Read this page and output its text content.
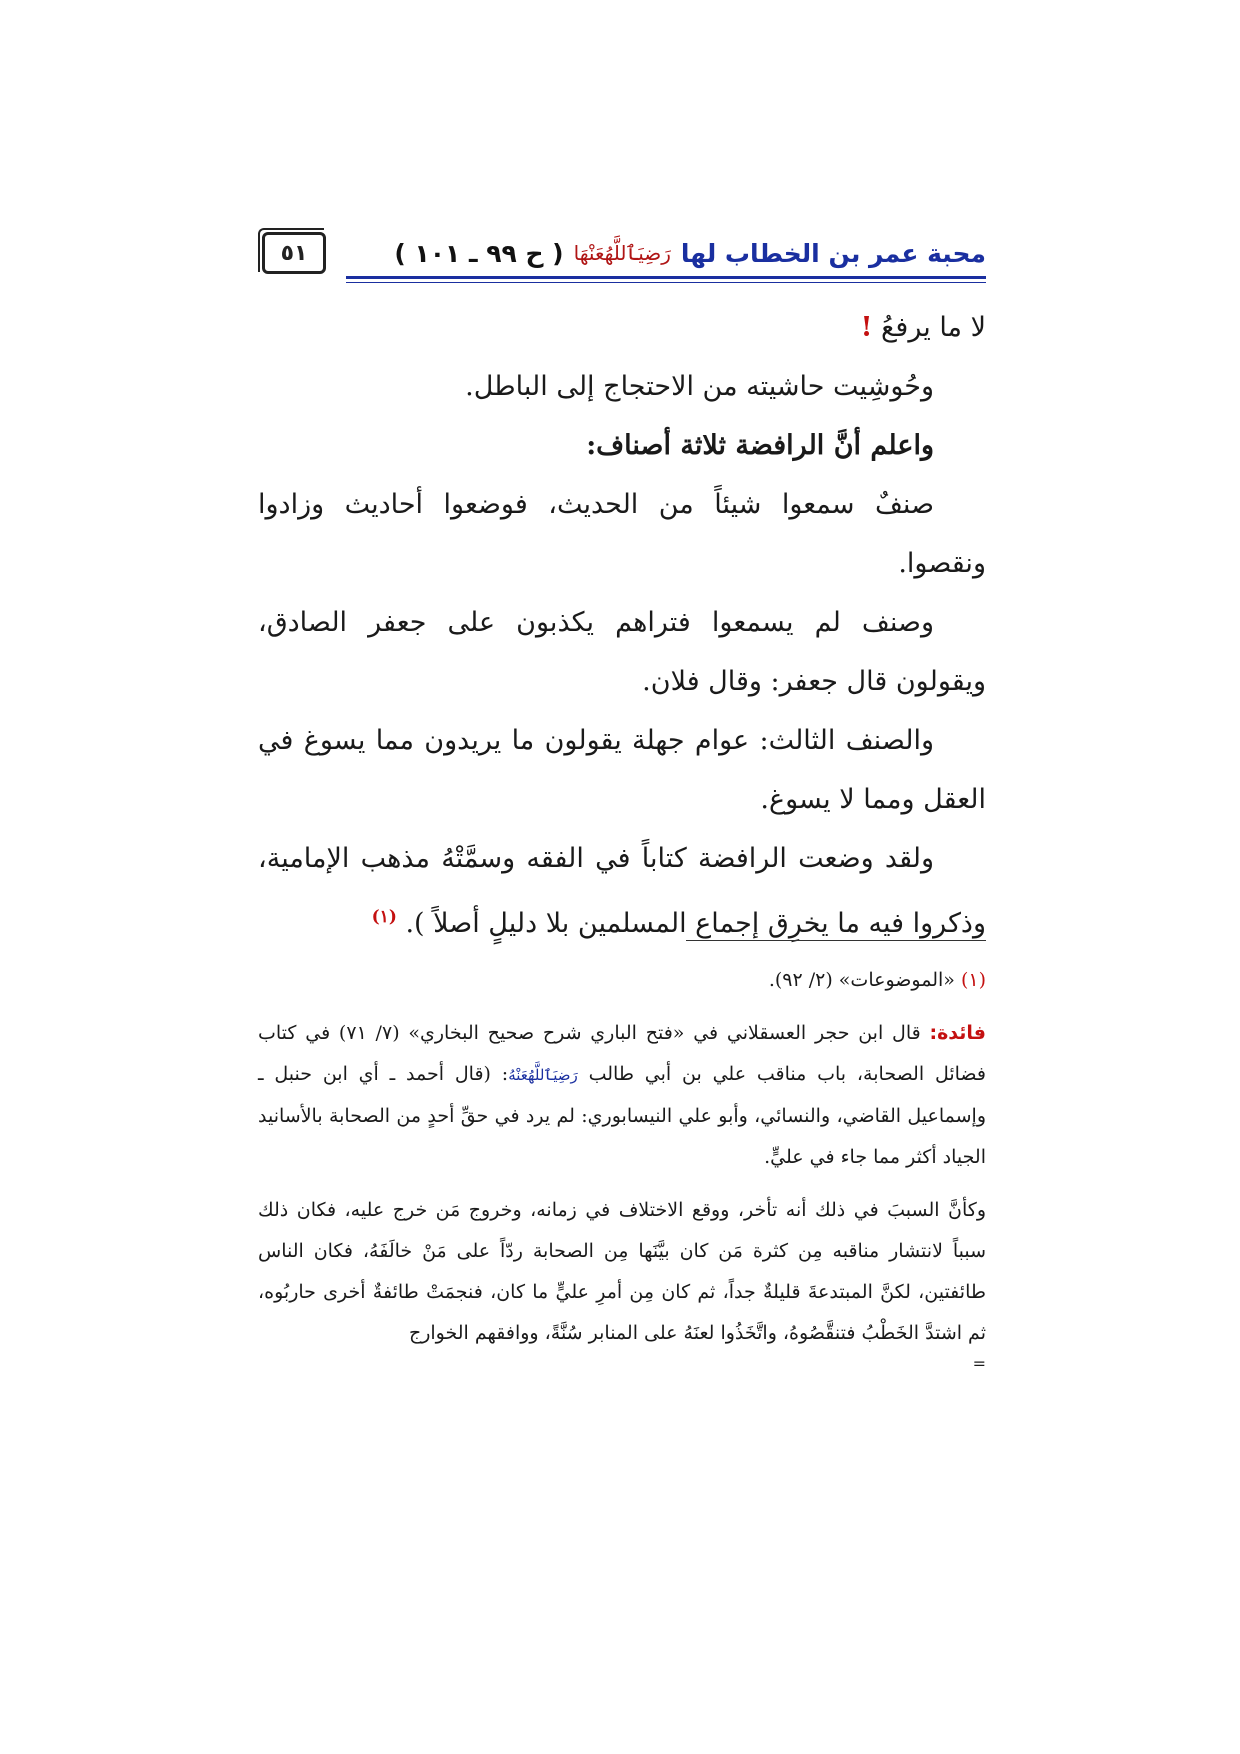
٥١	محبة عمر بن الخطاب لها
رَضِيَٱللَّهُعَنْهَا
( ح ٩٩ ـ ١٠١ )

لا ما يرفعُ !

وحُوشِيت حاشيته من الاحتجاج إلى الباطل.

واعلم أنَّ الرافضة ثلاثة أصناف:

صنفٌ سمعوا شيئاً من الحديث، فوضعوا أحاديث وزادوا ونقصوا.

وصنف لم يسمعوا فتراهم يكذبون على جعفر الصادق، ويقولون قال جعفر: وقال فلان.

والصنف الثالث: عوام جهلة يقولون ما يريدون مما يسوغ في العقل ومما لا يسوغ.

ولقد وضعت الرافضة كتاباً في الفقه وسمَّتْهُ مذهب الإمامية، وذكروا فيه ما يخرِق إجماع المسلمين بلا دليلٍ أصلاً ). $^{(١)}$

(١) «الموضوعات» (٢/ ٩٢).

فائدة: قال ابن حجر العسقلاني في «فتح الباري شرح صحيح البخاري» (٧/ ٧١) في كتاب فضائل الصحابة، باب مناقب علي بن أبي طالب رَضِيَٱللَّهُعَنْهُ: (قال أحمد ـ أي ابن حنبل ـ وإسماعيل القاضي، والنسائي، وأبو علي النيسابوري: لم يرد في حقِّ أحدٍ من الصحابة بالأسانيد الجياد أكثر مما جاء في عليٍّ.

وكأنَّ السببَ في ذلك أنه تأخر، ووقع الاختلاف في زمانه، وخروج مَن خرج عليه، فكان ذلك سبباً لانتشار مناقبه مِن كثرة مَن كان بيَّنَها مِن الصحابة ردّاً على مَنْ خالَفَهُ، فكان الناس طائفتين، لكنَّ المبتدعةَ قليلةٌ جداً، ثم كان مِن أمرِ عليٍّ ما كان، فنجمَتْ طائفةٌ أخرى حاربُوه، ثم اشتدَّ الخَطْبُ فتنقَّصُوهُ، واتَّخَذُوا لعنَهُ على المنابر سُنَّةً، ووافقهم الخوارج

=
